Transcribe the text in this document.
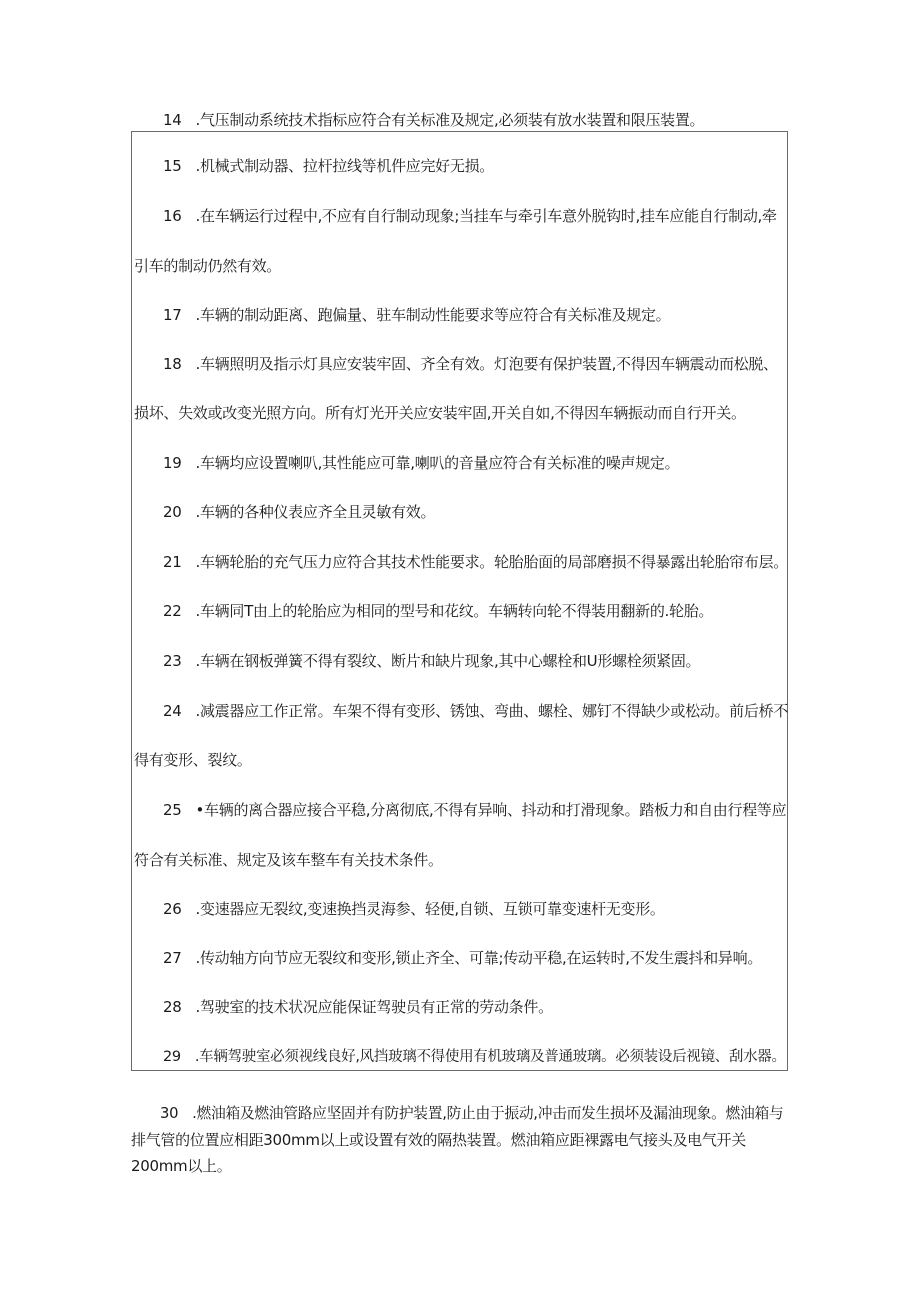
14 .气压制动系统技术指标应符合有关标准及规定,必须装有放水装置和限压装置。
15 .机械式制动器、拉杆拉线等机件应完好无损。
16 .在车辆运行过程中,不应有自行制动现象;当挂车与牵引车意外脱钩时,挂车应能自行制动,牵
引车的制动仍然有效。
17 .车辆的制动距离、跑偏量、驻车制动性能要求等应符合有关标准及规定。
18 .车辆照明及指示灯具应安装牢固、齐全有效。灯泡要有保护装置,不得因车辆震动而松脱、
损坏、失效或改变光照方向。所有灯光开关应安装牢固,开关自如,不得因车辆振动而自行开关。
19 .车辆均应设置喇叭,其性能应可靠,喇叭的音量应符合有关标准的噪声规定。
20 .车辆的各种仪表应齐全且灵敏有效。
21 .车辆轮胎的充气压力应符合其技术性能要求。轮胎胎面的局部磨损不得暴露出轮胎帘布层。
22 .车辆同T由上的轮胎应为相同的型号和花纹。车辆转向轮不得装用翻新的.轮胎。
23 .车辆在钢板弹簧不得有裂纹、断片和缺片现象,其中心螺栓和U形螺栓须紧固。
24 .减震器应工作正常。车架不得有变形、锈蚀、弯曲、螺栓、娜钉不得缺少或松动。前后桥不
得有变形、裂纹。
25 •车辆的离合器应接合平稳,分离彻底,不得有异响、抖动和打滑现象。踏板力和自由行程等应
符合有关标准、规定及该车整车有关技术条件。
26 .变速器应无裂纹,变速换挡灵海参、轻便,自锁、互锁可靠变速杆无变形。
27 .传动轴方向节应无裂纹和变形,锁止齐全、可靠;传动平稳,在运转时,不发生震抖和异响。
28 .驾驶室的技术状况应能保证驾驶员有正常的劳动条件。
29 .车辆驾驶室必须视线良好,风挡玻璃不得使用有机玻璃及普通玻璃。必须装设后视镜、刮水器。
30 .燃油箱及燃油管路应坚固并有防护装置,防止由于振动,冲击而发生损坏及漏油现象。燃油箱与
排气管的位置应相距300mm以上或设置有效的隔热装置。燃油箱应距裸露电气接头及电气开关
200mm以上。
